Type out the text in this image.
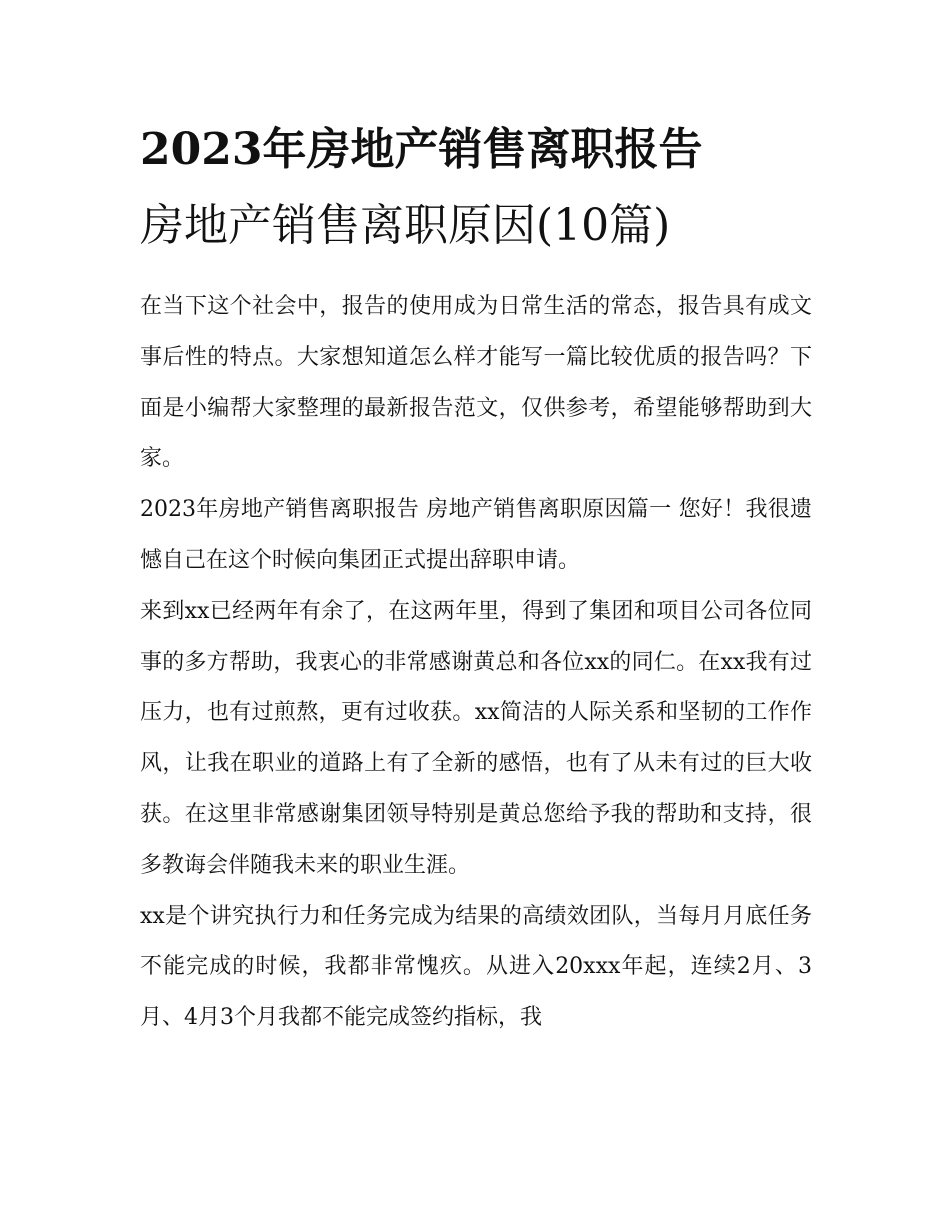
2023年房地产销售离职报告
房地产销售离职原因(10篇)

在当下这个社会中，报告的使用成为日常生活的常态，报告具有成文事后性的特点。大家想知道怎么样才能写一篇比较优质的报告吗？下面是小编帮大家整理的最新报告范文，仅供参考，希望能够帮助到大家。

2023年房地产销售离职报告 房地产销售离职原因篇一 您好！我很遗憾自己在这个时候向集团正式提出辞职申请。

来到xx已经两年有余了，在这两年里，得到了集团和项目公司各位同事的多方帮助，我衷心的非常感谢黄总和各位xx的同仁。在xx我有过压力，也有过煎熬，更有过收获。xx简洁的人际关系和坚韧的工作作风，让我在职业的道路上有了全新的感悟，也有了从未有过的巨大收获。在这里非常感谢集团领导特别是黄总您给予我的帮助和支持，很多教诲会伴随我未来的职业生涯。

xx是个讲究执行力和任务完成为结果的高绩效团队，当每月月底任务不能完成的时候，我都非常愧疚。从进入20xxx年起，连续2月、3月、4月3个月我都不能完成签约指标，我
